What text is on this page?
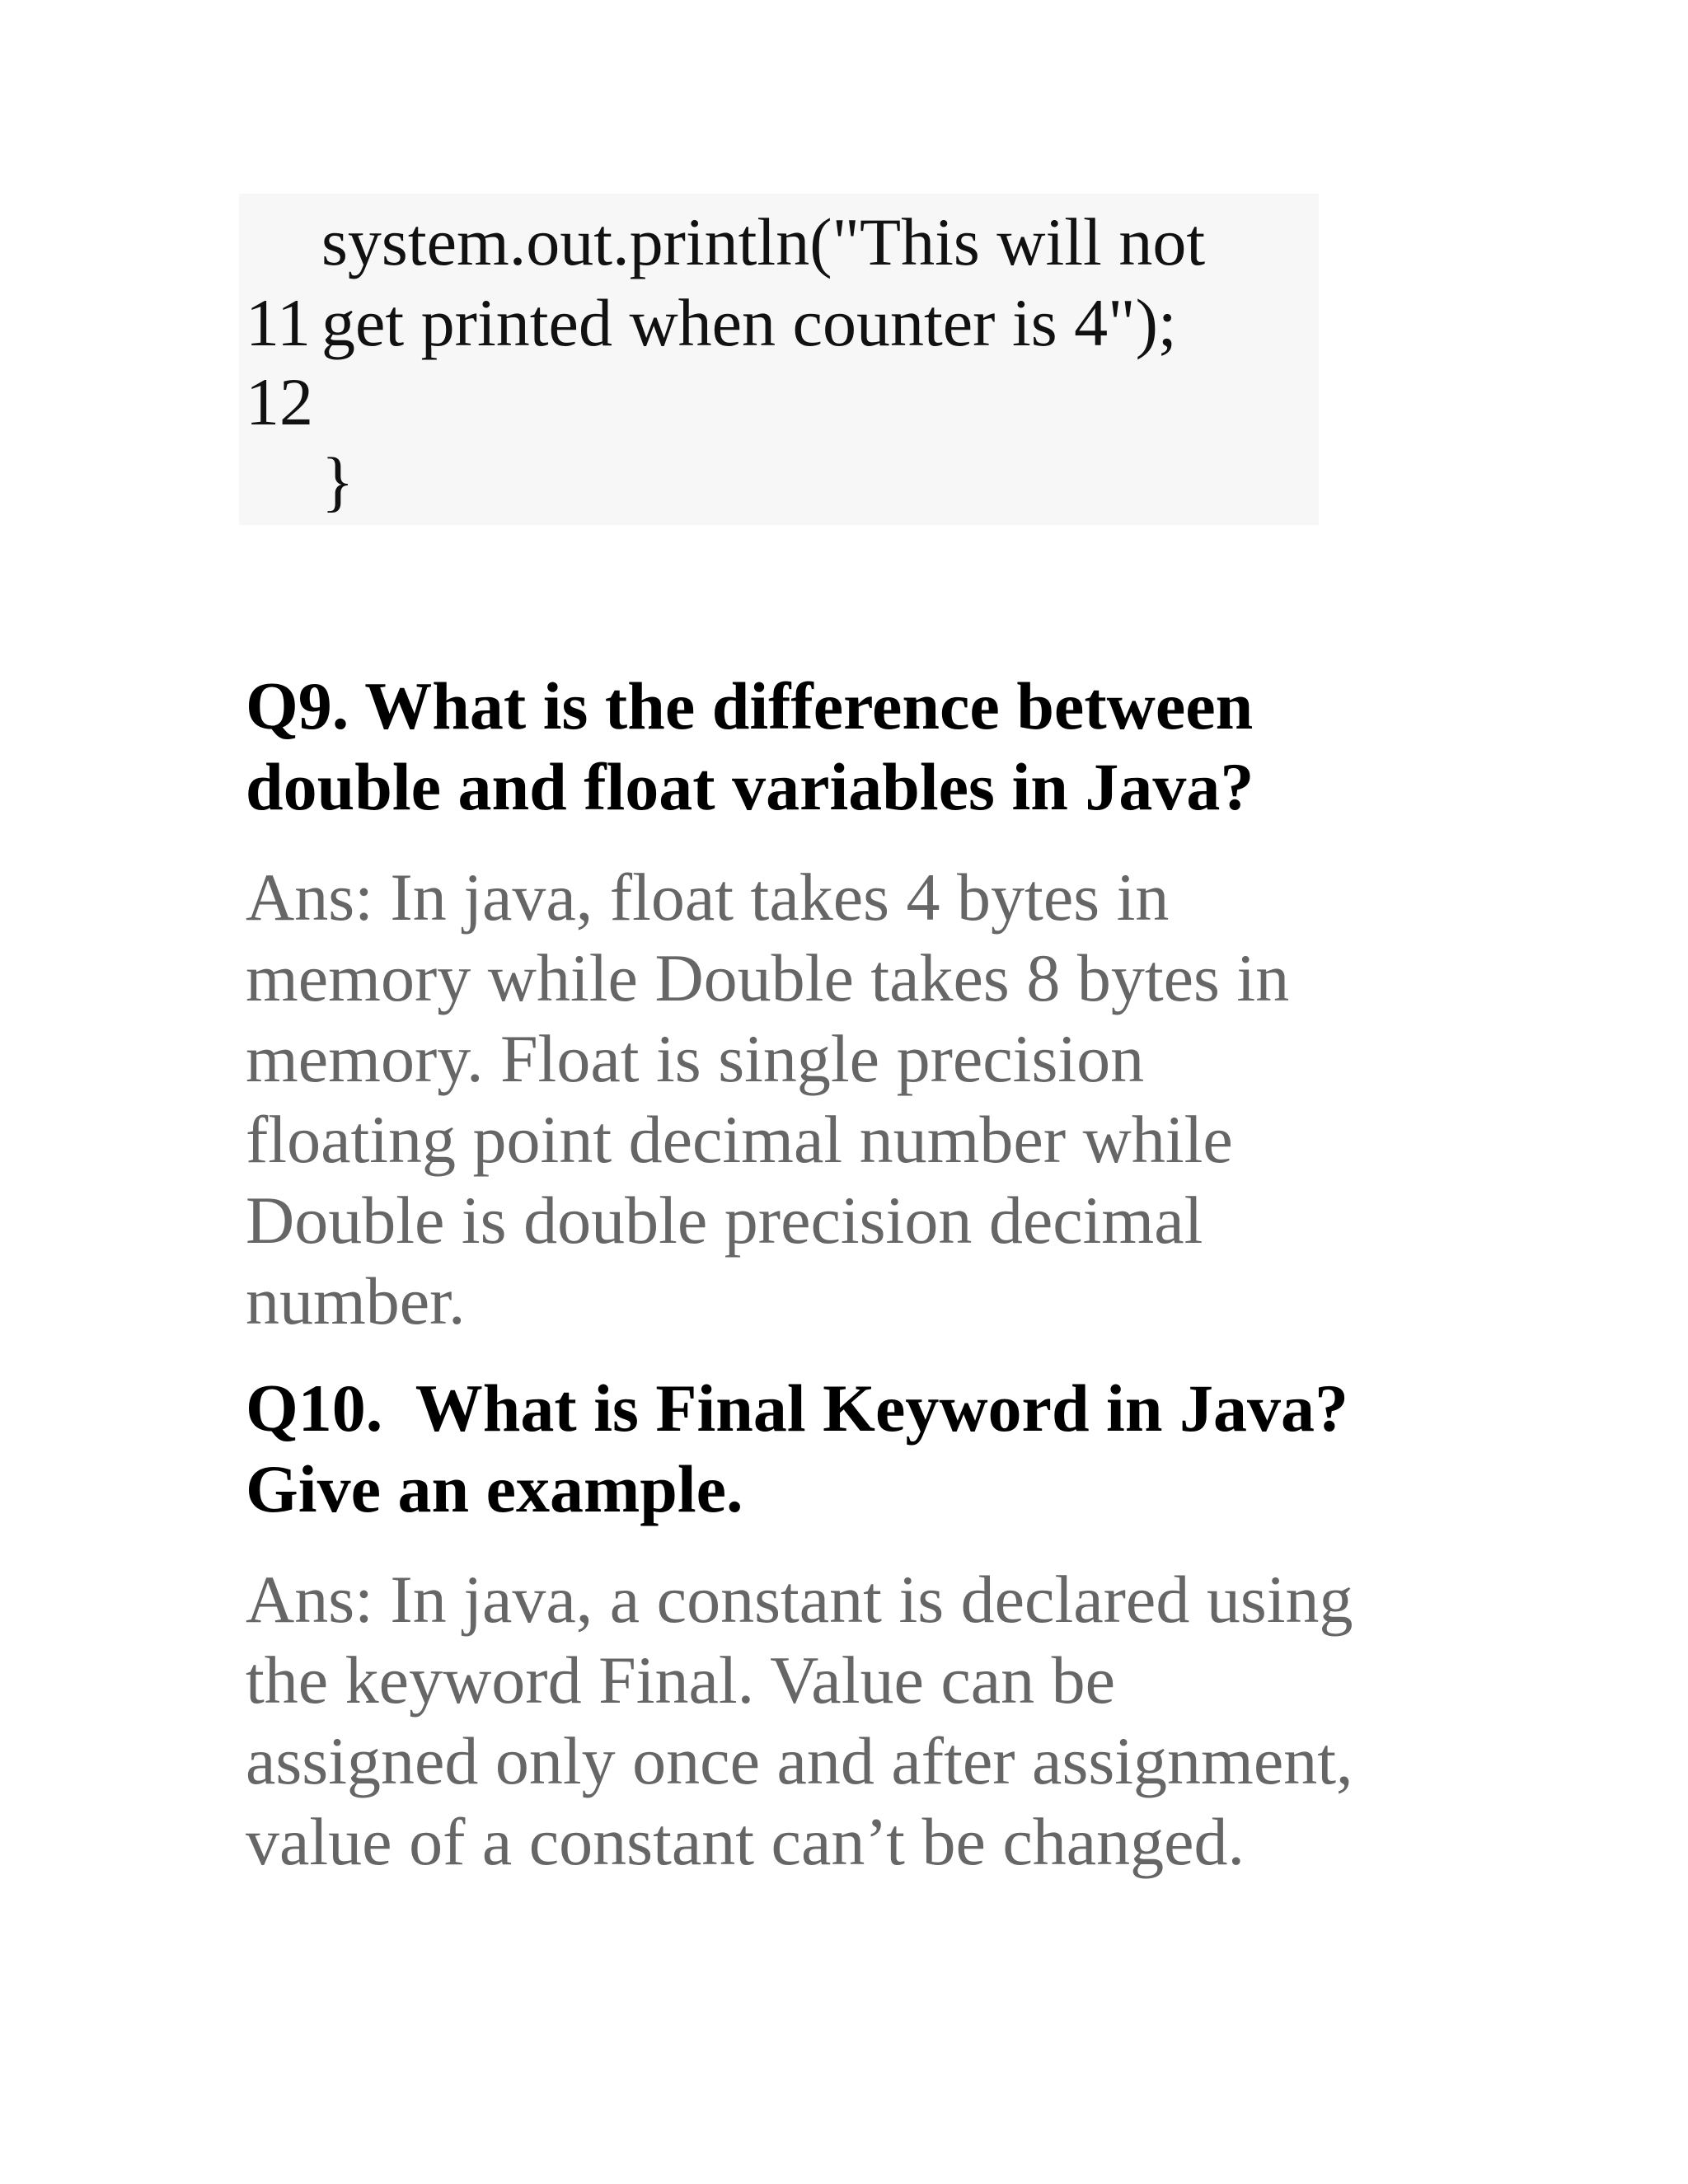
system.out.println("This will not
11 get printed when counter is 4");
12
}
Q9. What is the difference between
double and float variables in Java?
Ans: In java, float takes 4 bytes in
memory while Double takes 8 bytes in
memory. Float is single precision
floating point decimal number while
Double is double precision decimal
number.
Q10.  What is Final Keyword in Java?
Give an example.
Ans: In java, a constant is declared using
the keyword Final. Value can be
assigned only once and after assignment,
value of a constant can’t be changed.
